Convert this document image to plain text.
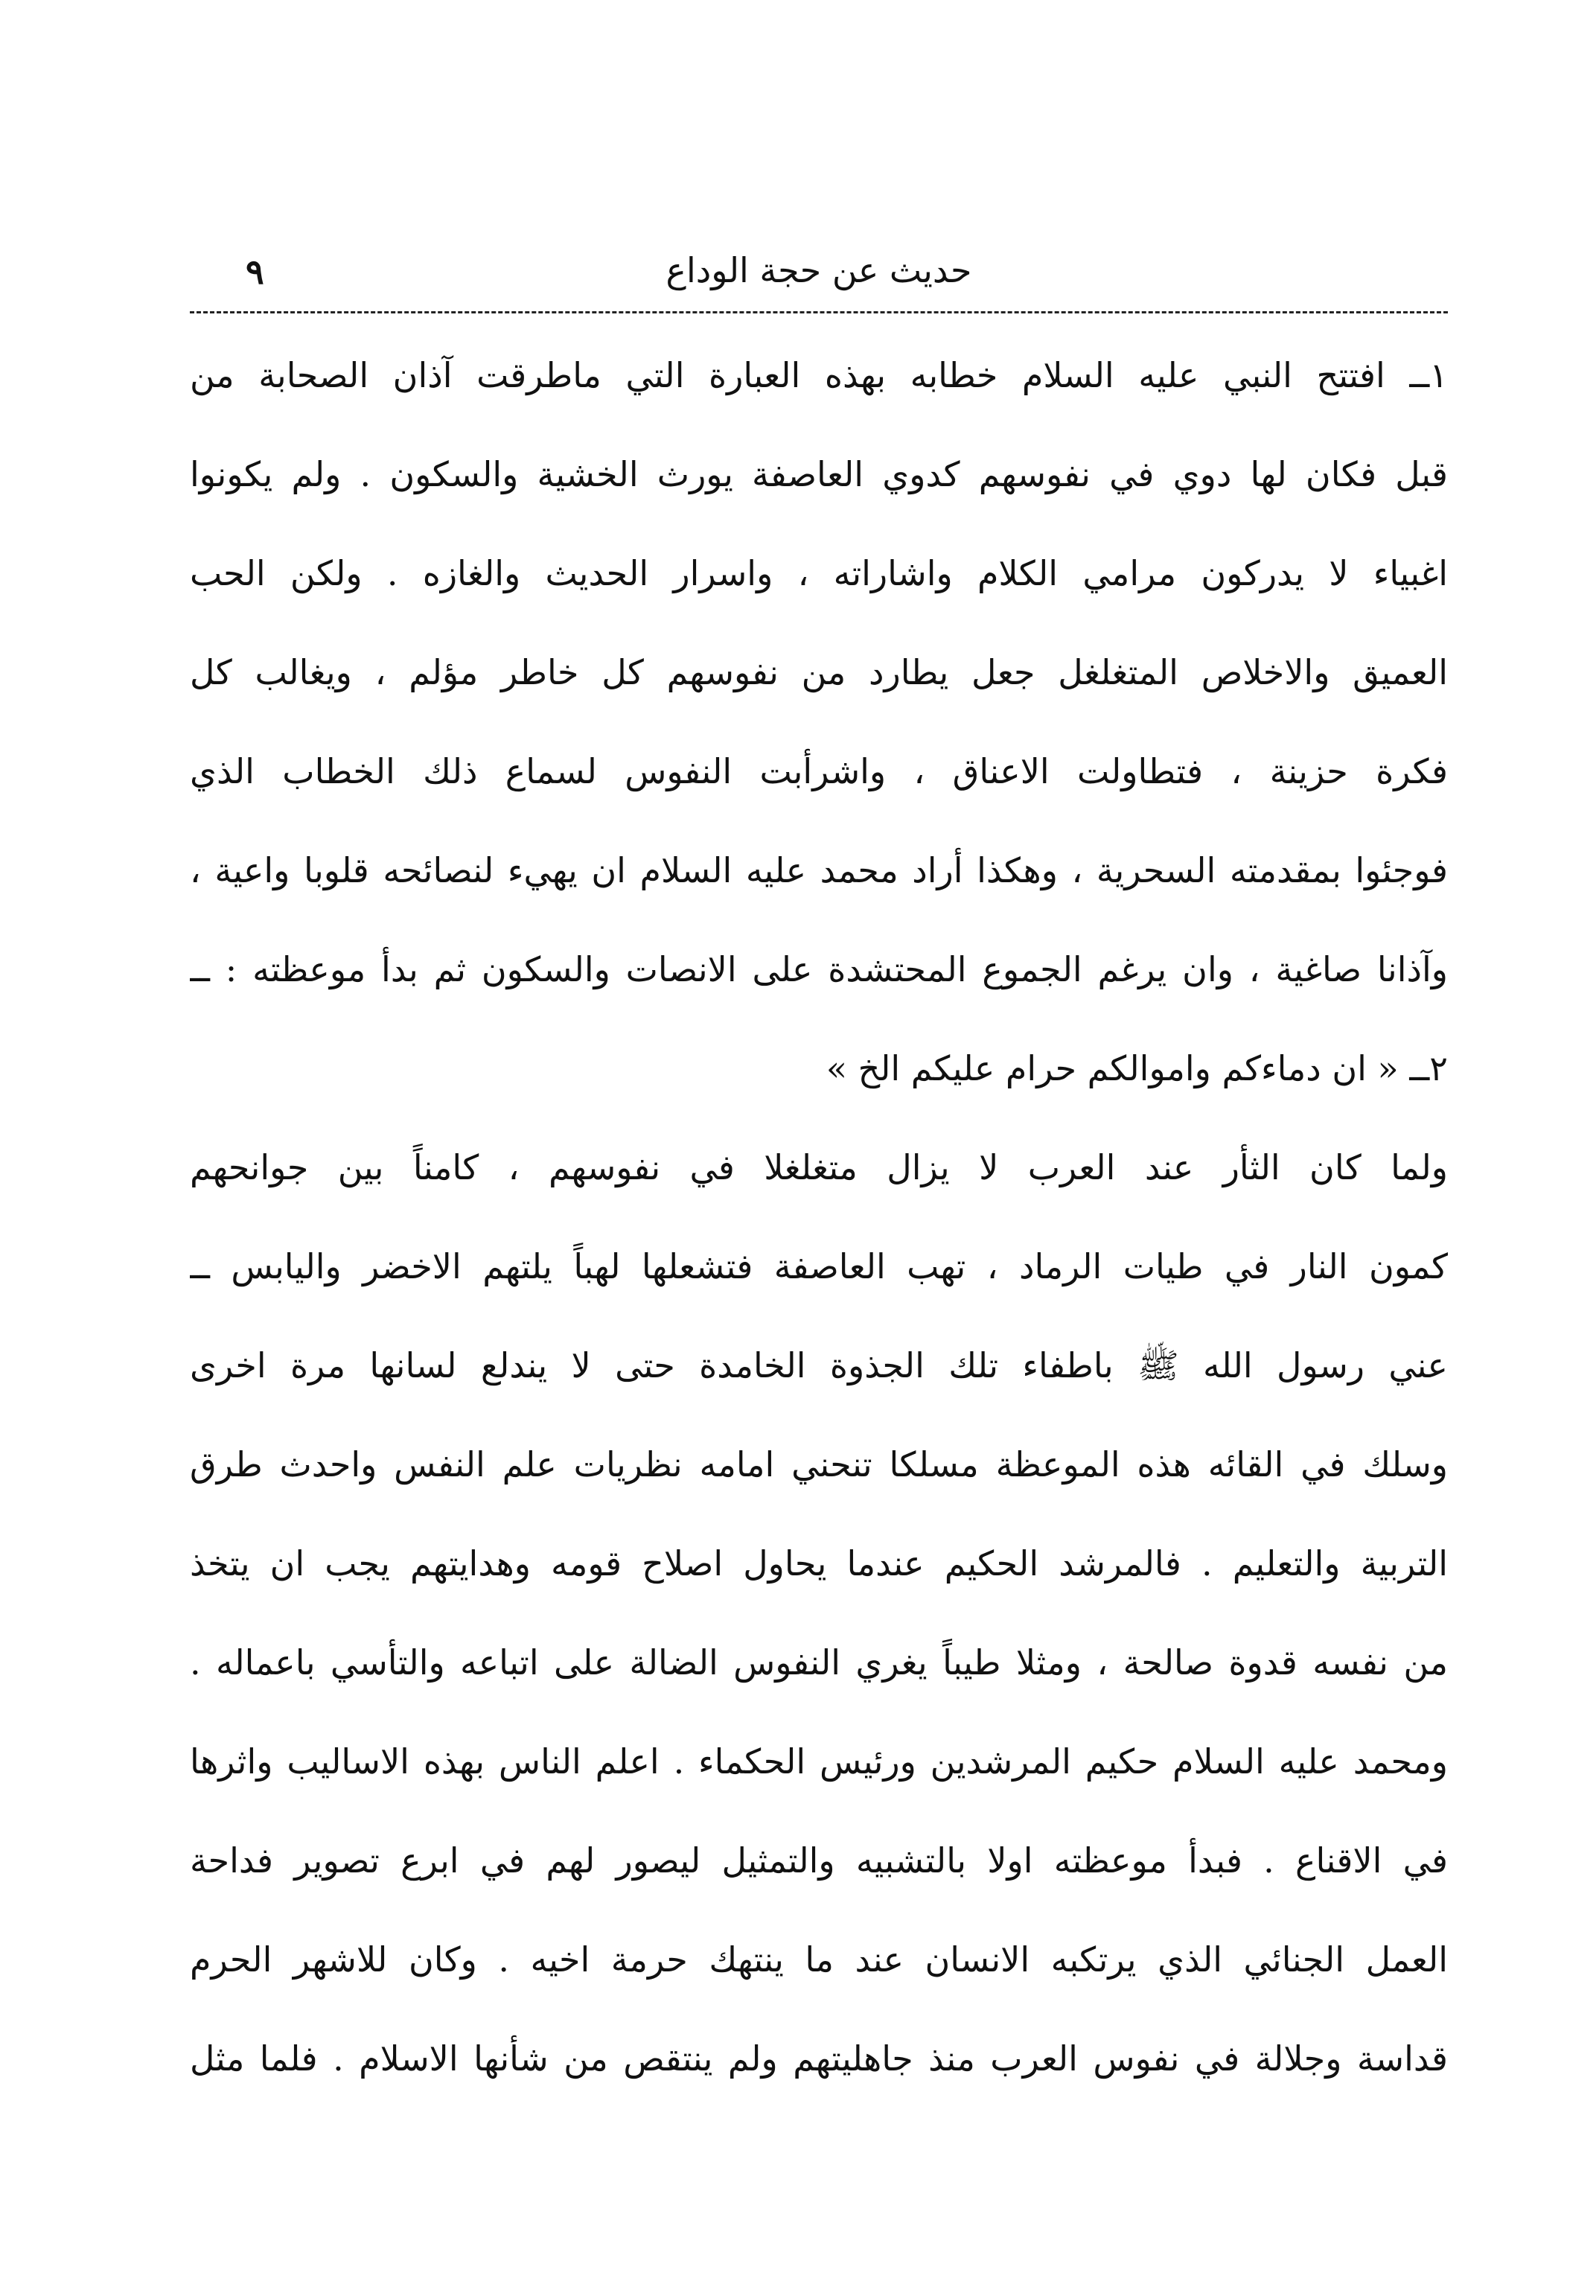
٩	حديث عن حجة الوداع
١ــ افتتح النبي عليه السلام خطابه بهذه العبارة التي ماطرقت آذان الصحابة من
قبل فكان لها دوي في نفوسهم كدوي العاصفة يورث الخشية والسكون . ولم يكونوا
اغبياء لا يدركون مرامي الكلام واشاراته ، واسرار الحديث والغازه . ولكن الحب
العميق والاخلاص المتغلغل جعل يطارد من نفوسهم كل خاطر مؤلم ، ويغالب كل
فكرة حزينة ، فتطاولت الاعناق ، واشرأبت النفوس لسماع ذلك الخطاب الذي
فوجئوا بمقدمته السحرية ، وهكذا أراد محمد عليه السلام ان يهيء لنصائحه قلوبا واعية ،
وآذانا صاغية ، وان يرغم الجموع المحتشدة على الانصات والسكون ثم بدأ موعظته : ــ
٢ــ « ان دماءكم واموالكم حرام عليكم الخ »
ولما كان الثأر عند العرب لا يزال متغلغلا في نفوسهم ، كامناً بين جوانحهم
كمون النار في طيات الرماد ، تهب العاصفة فتشعلها لهباً يلتهم الاخضر واليابس ــ
عني رسول الله ﷺ باطفاء تلك الجذوة الخامدة حتى لا يندلع لسانها مرة اخرى
وسلك في القائه هذه الموعظة مسلكا تنحني امامه نظريات علم النفس واحدث طرق
التربية والتعليم . فالمرشد الحكيم عندما يحاول اصلاح قومه وهدايتهم يجب ان يتخذ
من نفسه قدوة صالحة ، ومثلا طيباً يغري النفوس الضالة على اتباعه والتأسي باعماله .
ومحمد عليه السلام حكيم المرشدين ورئيس الحكماء . اعلم الناس بهذه الاساليب واثرها
في الاقناع . فبدأ موعظته اولا بالتشبيه والتمثيل ليصور لهم في ابرع تصوير فداحة
العمل الجنائي الذي يرتكبه الانسان عند ما ينتهك حرمة اخيه . وكان للاشهر الحرم
قداسة وجلالة في نفوس العرب منذ جاهليتهم ولم ينتقص من شأنها الاسلام . فلما مثل
